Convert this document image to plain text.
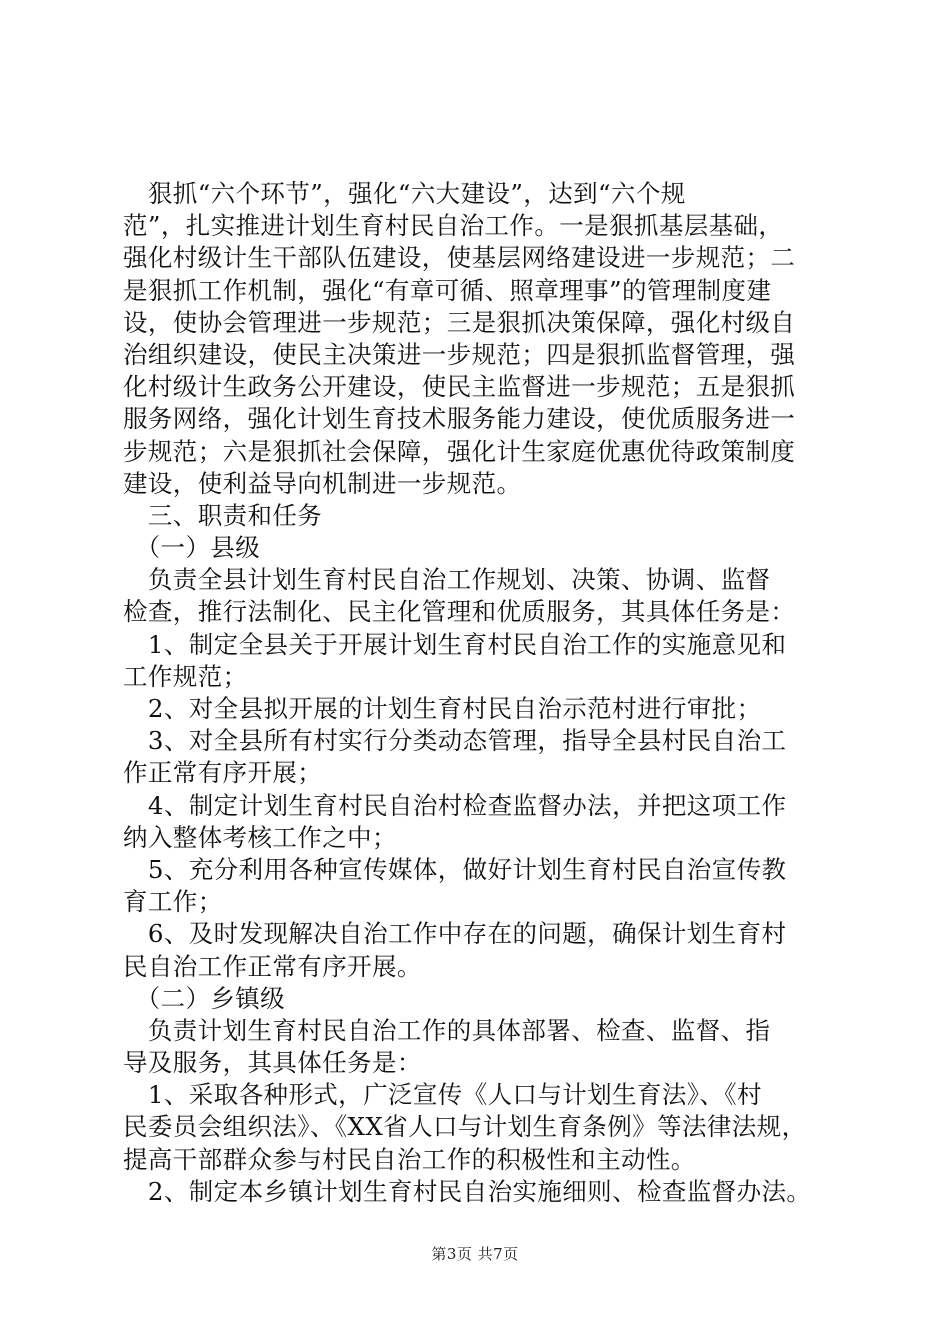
　狠抓“六个环节”，强化“六大建设”，达到“六个规
范”，扎实推进计划生育村民自治工作。一是狠抓基层基础，
强化村级计生干部队伍建设，使基层网络建设进一步规范；二
是狠抓工作机制，强化“有章可循、照章理事”的管理制度建
设，使协会管理进一步规范；三是狠抓决策保障，强化村级自
治组织建设，使民主决策进一步规范；四是狠抓监督管理，强
化村级计生政务公开建设，使民主监督进一步规范；五是狠抓
服务网络，强化计划生育技术服务能力建设，使优质服务进一
步规范；六是狠抓社会保障，强化计生家庭优惠优待政策制度
建设，使利益导向机制进一步规范。
　三、职责和任务
　（一）县级
　负责全县计划生育村民自治工作规划、决策、协调、监督
检查，推行法制化、民主化管理和优质服务，其具体任务是：
　1、制定全县关于开展计划生育村民自治工作的实施意见和
工作规范；
　2、对全县拟开展的计划生育村民自治示范村进行审批；
　3、对全县所有村实行分类动态管理，指导全县村民自治工
作正常有序开展；
　4、制定计划生育村民自治村检查监督办法，并把这项工作
纳入整体考核工作之中；
　5、充分利用各种宣传媒体，做好计划生育村民自治宣传教
育工作；
　6、及时发现解决自治工作中存在的问题，确保计划生育村
民自治工作正常有序开展。
　（二）乡镇级
　负责计划生育村民自治工作的具体部署、检查、监督、指
导及服务，其具体任务是：
　1、采取各种形式，广泛宣传《人口与计划生育法》、《村
民委员会组织法》、《XX省人口与计划生育条例》等法律法规，
提高干部群众参与村民自治工作的积极性和主动性。
　2、制定本乡镇计划生育村民自治实施细则、检查监督办法。
第3页 共7页
